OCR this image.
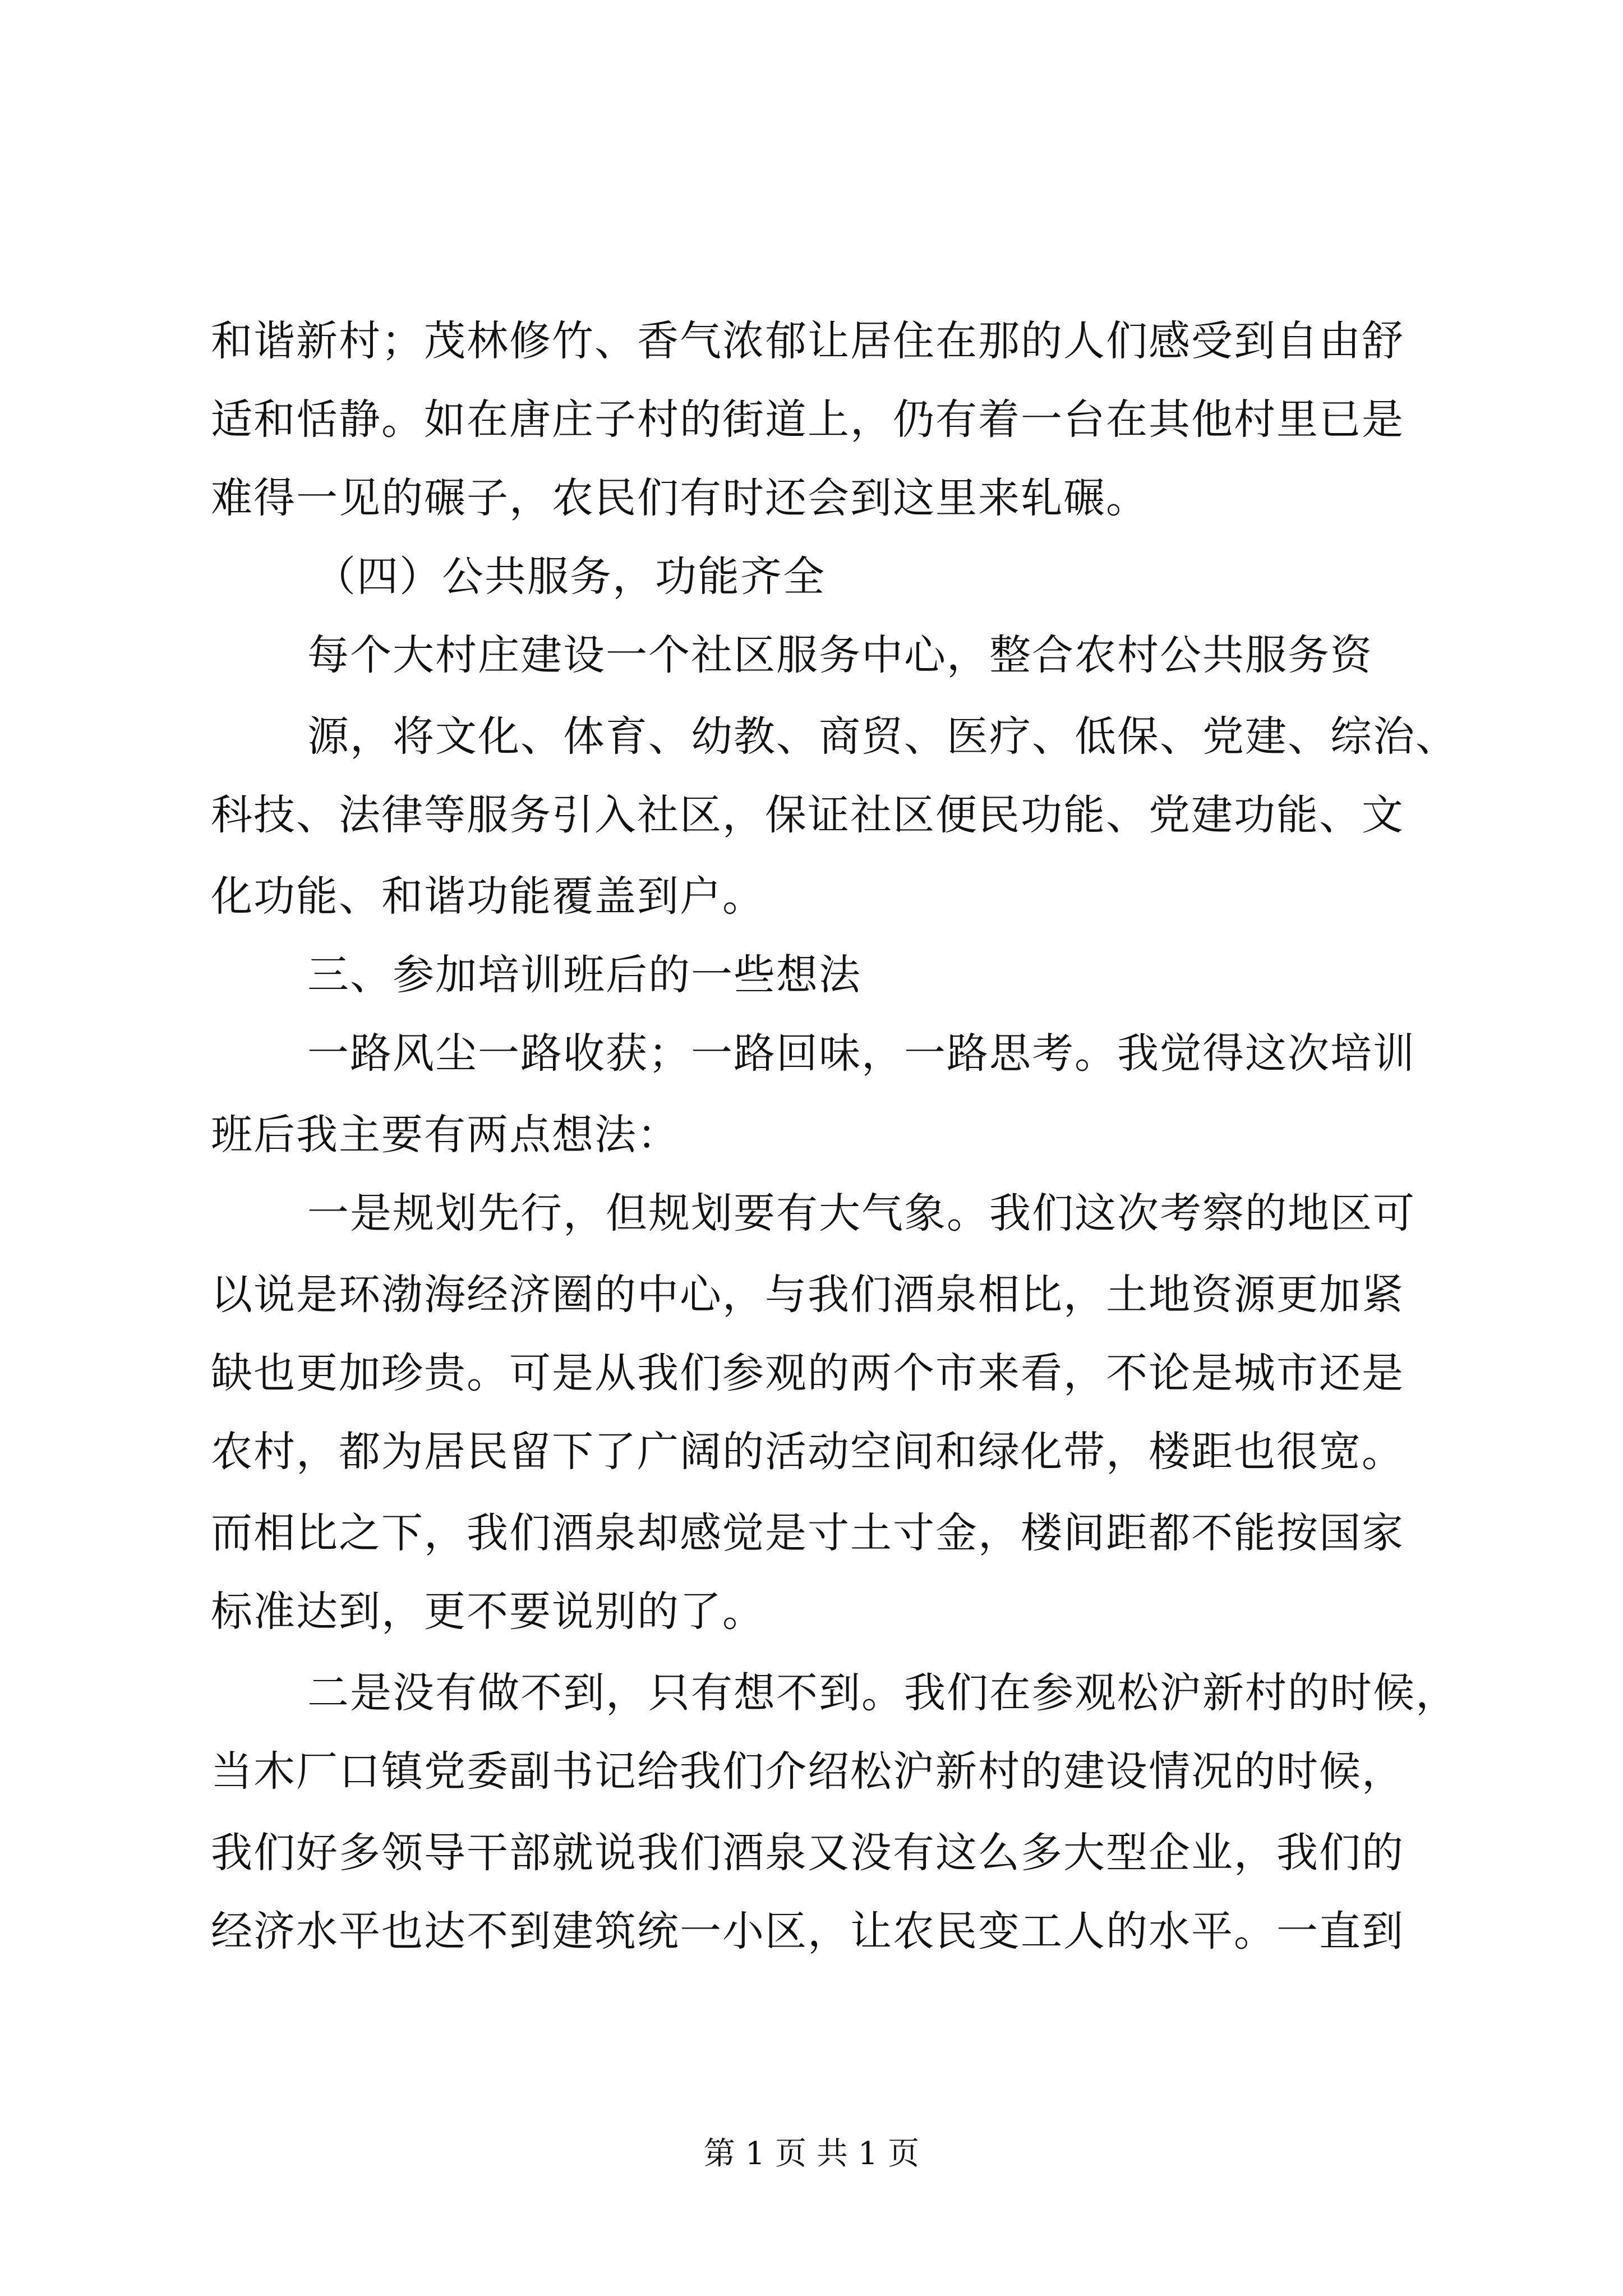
和谐新村；茂林修竹、香气浓郁让居住在那的人们感受到自由舒
适和恬静。如在唐庄子村的街道上，仍有着一台在其他村里已是
难得一见的碾子，农民们有时还会到这里来轧碾。
（四）公共服务，功能齐全
每个大村庄建设一个社区服务中心，整合农村公共服务资
源，将文化、体育、幼教、商贸、医疗、低保、党建、综治、
科技、法律等服务引入社区，保证社区便民功能、党建功能、文
化功能、和谐功能覆盖到户。
三、参加培训班后的一些想法
一路风尘一路收获；一路回味，一路思考。我觉得这次培训
班后我主要有两点想法：
一是规划先行，但规划要有大气象。我们这次考察的地区可
以说是环渤海经济圈的中心，与我们酒泉相比，土地资源更加紧
缺也更加珍贵。可是从我们参观的两个市来看，不论是城市还是
农村，都为居民留下了广阔的活动空间和绿化带，楼距也很宽。
而相比之下，我们酒泉却感觉是寸土寸金，楼间距都不能按国家
标准达到，更不要说别的了。
二是没有做不到，只有想不到。我们在参观松沪新村的时候，
当木厂口镇党委副书记给我们介绍松沪新村的建设情况的时候，
我们好多领导干部就说我们酒泉又没有这么多大型企业，我们的
经济水平也达不到建筑统一小区，让农民变工人的水平。一直到
第 1 页 共 1 页
